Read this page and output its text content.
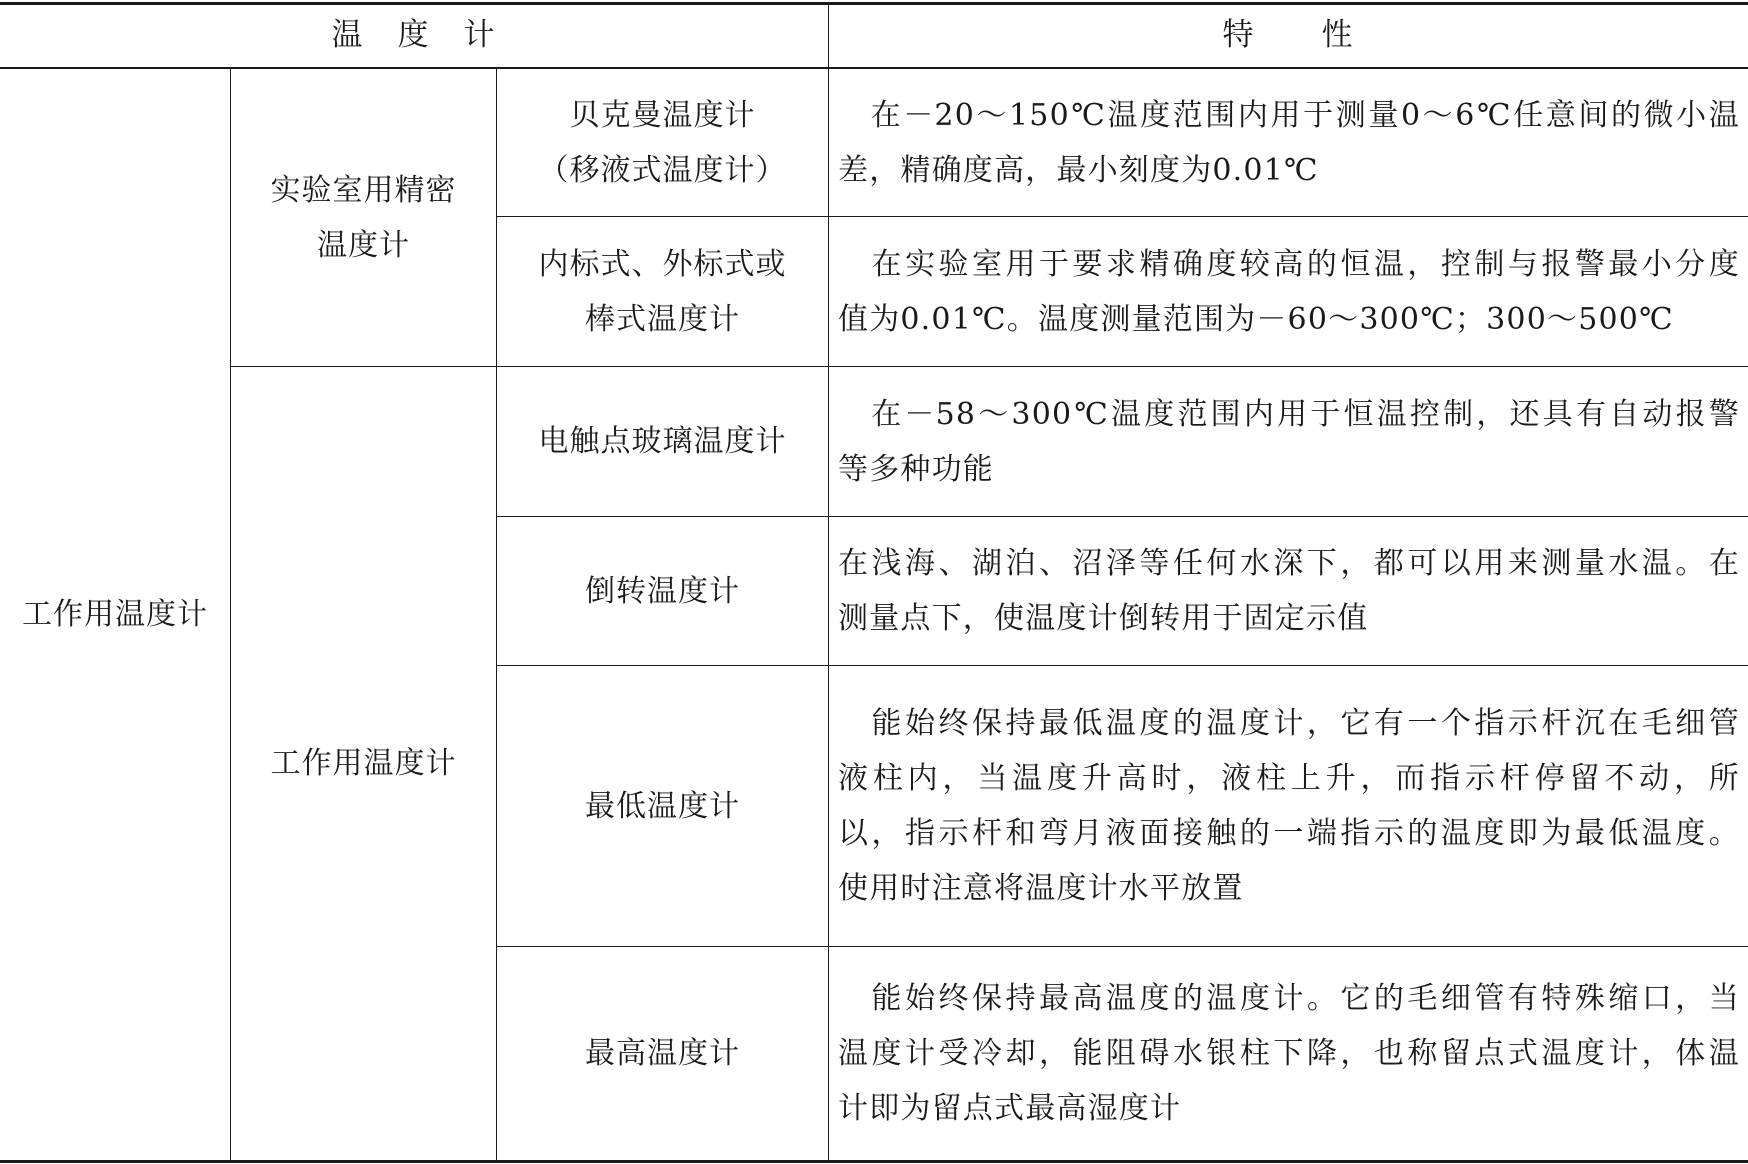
温　度　计	特　　性
工作用温度计
实验室用精密
温度计
工作用温度计
贝克曼温度计
（移液式温度计）
内标式、外标式或
棒式温度计
电触点玻璃温度计
倒转温度计
最低温度计
最高温度计
　在－20～150℃温度范围内用于测量0～6℃任意间的微小温
差，精确度高，最小刻度为0.01℃
　在实验室用于要求精确度较高的恒温，控制与报警最小分度
值为0.01℃。温度测量范围为－60～300℃；300～500℃
　在－58～300℃温度范围内用于恒温控制，还具有自动报警
等多种功能
在浅海、湖泊、沼泽等任何水深下，都可以用来测量水温。在
测量点下，使温度计倒转用于固定示值
　能始终保持最低温度的温度计，它有一个指示杆沉在毛细管
液柱内，当温度升高时，液柱上升，而指示杆停留不动，所
以，指示杆和弯月液面接触的一端指示的温度即为最低温度。
使用时注意将温度计水平放置
　能始终保持最高温度的温度计。它的毛细管有特殊缩口，当
温度计受冷却，能阻碍水银柱下降，也称留点式温度计，体温
计即为留点式最高湿度计
